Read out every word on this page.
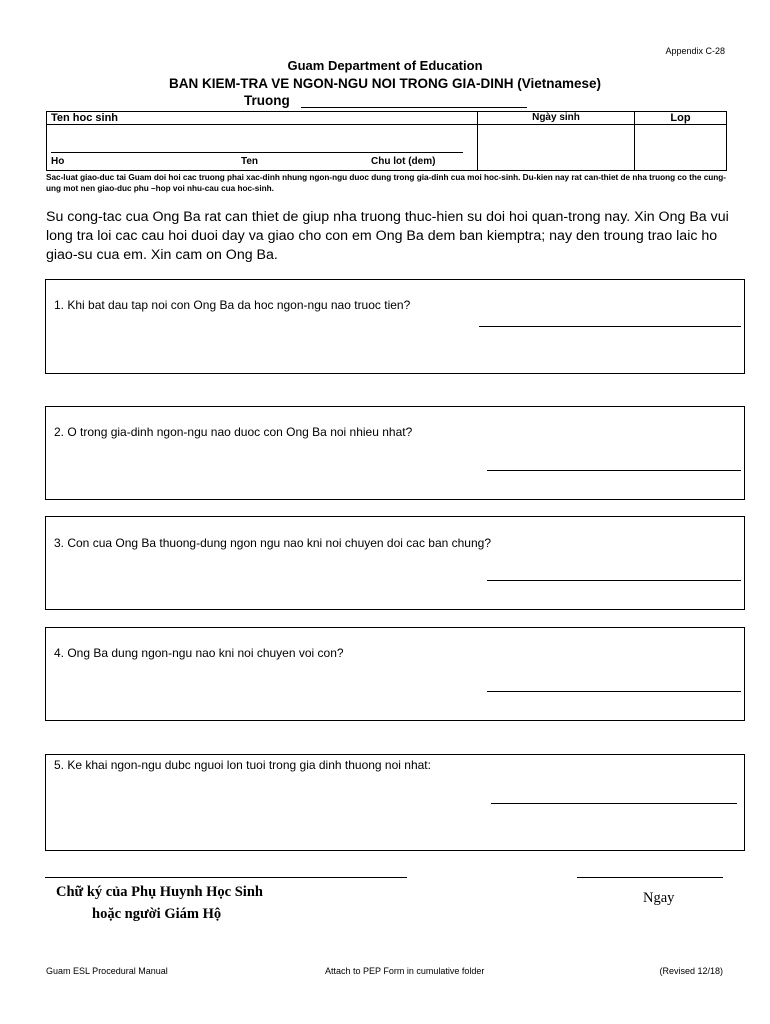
Appendix C-28
Guam Department of Education
BAN KIEM-TRA VE NGON-NGU NOI TRONG GIA-DINH (Vietnamese)
Truong
Ten hoc sinh	Ngày sinh	Lop

Ho Ten Chu lot (dem)		

Sac-luat giao-duc tai Guam doi hoi cac truong phai xac-dinh nhung ngon-ngu duoc dung trong gia-dinh cua moi hoc-sinh. Du-kien nay rat can-thiet de nha truong co the cung-ung mot nen giao-duc phu –hop voi nhu-cau cua hoc-sinh.
Su cong-tac cua Ong Ba rat can thiet de giup nha truong thuc-hien su doi hoi quan-trong nay. Xin Ong Ba vui long tra loi cac cau hoi duoi day va giao cho con em Ong Ba dem ban kiemptra; nay den troung trao laic ho giao-su cua em. Xin cam on Ong Ba.
1. Khi bat dau tap noi con Ong Ba da hoc ngon-ngu nao truoc tien?
2. O trong gia-dinh ngon-ngu nao duoc con Ong Ba noi nhieu nhat?
3. Con cua Ong Ba thuong-dung ngon ngu nao kni noi chuyen doi cac ban chung?
4. Ong Ba dung ngon-ngu nao kni noi chuyen voi con?
5. Ke khai ngon-ngu dubc nguoi lon tuoi trong gia dinh thuong noi nhat:
Chữ ký của Phụ Huynh Học Sinh
hoặc người Giám Hộ
Ngay
Guam ESL Procedural Manual	Attach to PEP Form in cumulative folder	(Revised 12/18)
